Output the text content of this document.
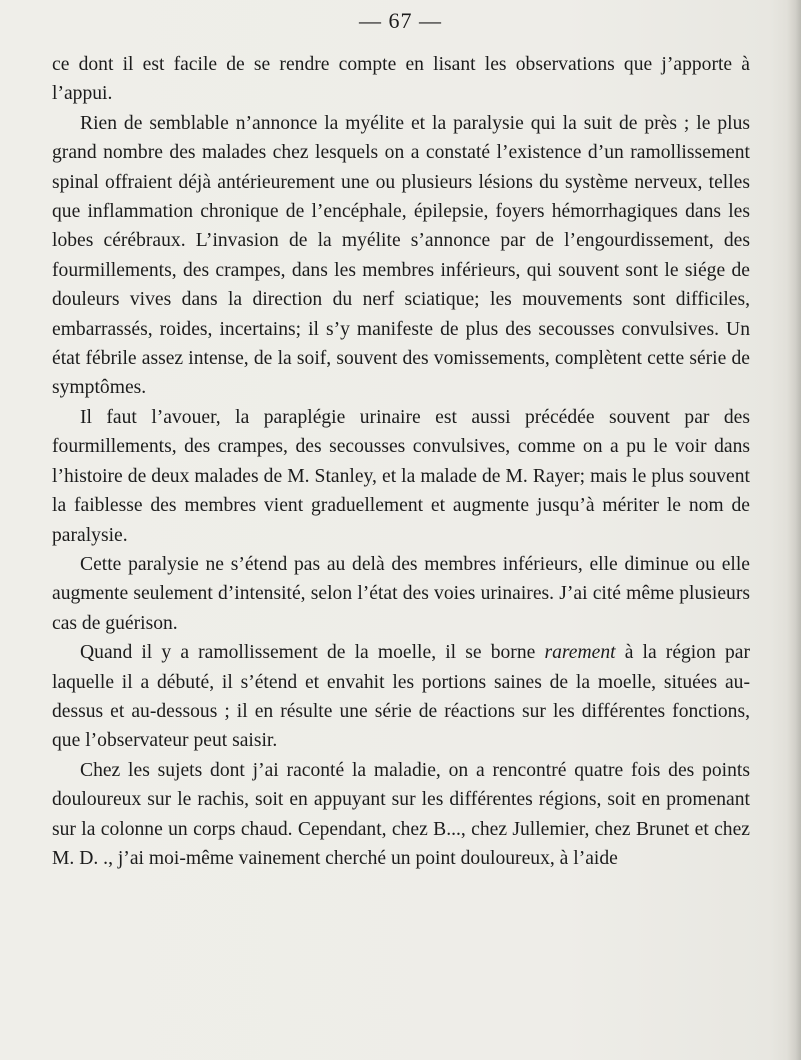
— 67 —

ce dont il est facile de se rendre compte en lisant les observations que j’apporte à l’appui.

Rien de semblable n’annonce la myélite et la paralysie qui la suit de près ; le plus grand nombre des malades chez lesquels on a constaté l’existence d’un ramollissement spinal offraient déjà antérieurement une ou plusieurs lésions du système nerveux, telles que inflammation chronique de l’encéphale, épilepsie, foyers hémorrhagiques dans les lobes cérébraux. L’invasion de la myélite s’annonce par de l’engourdissement, des fourmillements, des crampes, dans les membres inférieurs, qui souvent sont le siége de douleurs vives dans la direction du nerf sciatique; les mouvements sont difficiles, embarrassés, roides, incertains; il s’y manifeste de plus des secousses convulsives. Un état fébrile assez intense, de la soif, souvent des vomissements, complètent cette série de symptômes.

Il faut l’avouer, la paraplégie urinaire est aussi précédée souvent par des fourmillements, des crampes, des secousses convulsives, comme on a pu le voir dans l’histoire de deux malades de M. Stanley, et la malade de M. Rayer; mais le plus souvent la faiblesse des membres vient graduellement et augmente jusqu’à mériter le nom de paralysie.

Cette paralysie ne s’étend pas au delà des membres inférieurs, elle diminue ou elle augmente seulement d’intensité, selon l’état des voies urinaires. J’ai cité même plusieurs cas de guérison.

Quand il y a ramollissement de la moelle, il se borne rarement à la région par laquelle il a débuté, il s’étend et envahit les portions saines de la moelle, situées au-dessus et au-dessous ; il en résulte une série de réactions sur les différentes fonctions, que l’observateur peut saisir.

Chez les sujets dont j’ai raconté la maladie, on a rencontré quatre fois des points douloureux sur le rachis, soit en appuyant sur les différentes régions, soit en promenant sur la colonne un corps chaud. Cependant, chez B..., chez Jullemier, chez Brunet et chez M. D. ., j’ai moi-même vainement cherché un point douloureux, à l’aide
